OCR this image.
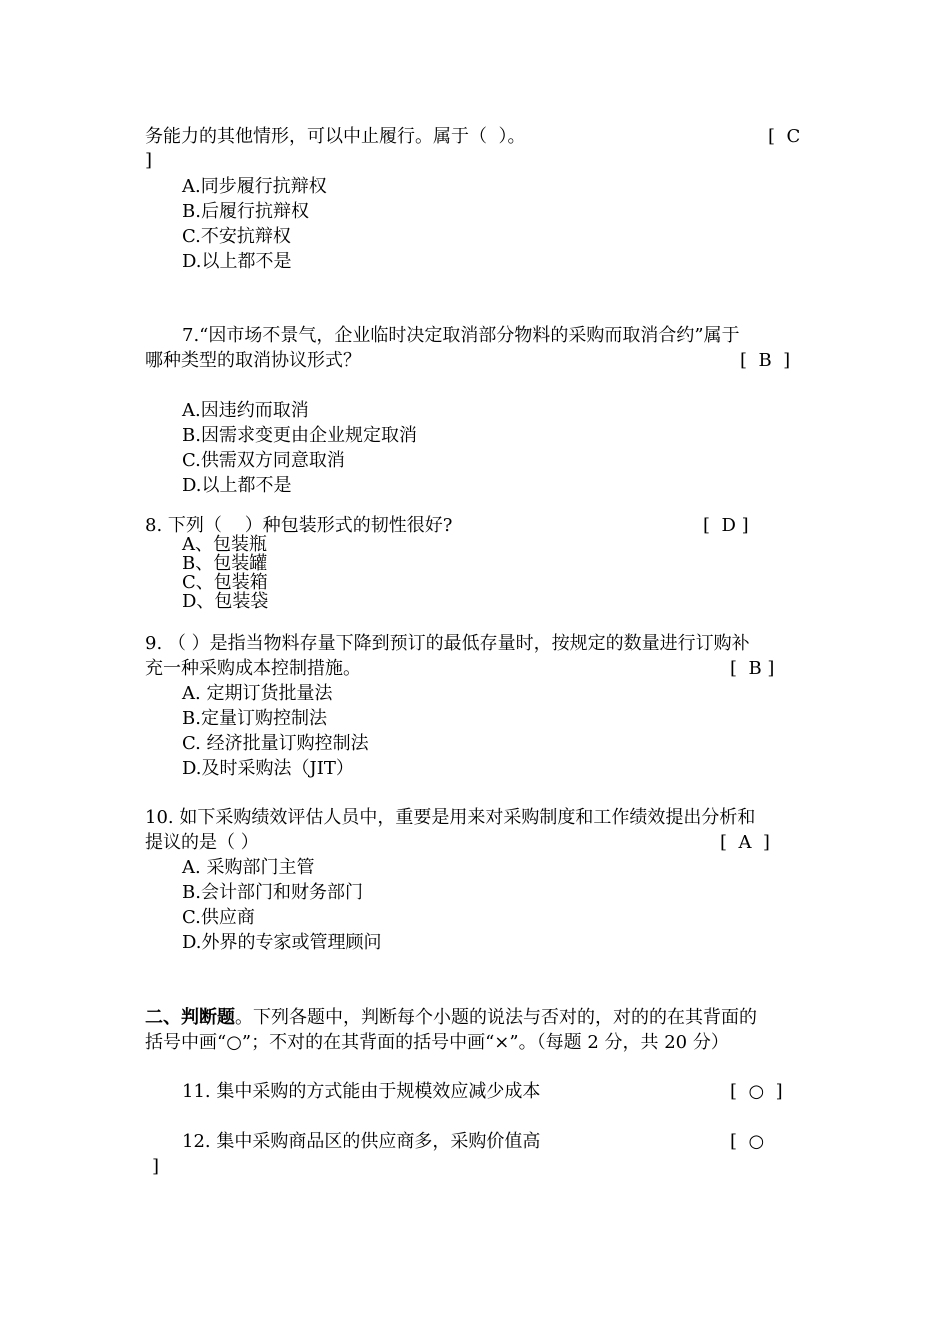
务能力的其他情形，可以中止履行。属于（  ）。	[  C
]
A.同步履行抗辩权
B.后履行抗辩权
C.不安抗辩权
D.以上都不是
7.“因市场不景气，企业临时决定取消部分物料的采购而取消合约”属于
哪种类型的取消协议形式？	[  B  ]
A.因违约而取消
B.因需求变更由企业规定取消
C.供需双方同意取消
D.以上都不是
8. 下列（    ）种包装形式的韧性很好?	[  D ]
A、包装瓶
B、包装罐
C、包装箱
D、包装袋
9. （ ）是指当物料存量下降到预订的最低存量时，按规定的数量进行订购补
充一种采购成本控制措施。	[  B ]
A. 定期订货批量法
B.定量订购控制法
C. 经济批量订购控制法
D.及时采购法（JIT）
10. 如下采购绩效评估人员中，重要是用来对采购制度和工作绩效提出分析和
提议的是（ ）	[  A  ]
A. 采购部门主管
B.会计部门和财务部门
C.供应商
D.外界的专家或管理顾问
二、判断题。下列各题中，判断每个小题的说法与否对的，对的的在其背面的
括号中画“○”；不对的在其背面的括号中画“×”。（每题 2 分，共 20 分）
11. 集中采购的方式能由于规模效应减少成本	[  ○  ]
12. 集中采购商品区的供应商多，采购价值高	[  ○
]
